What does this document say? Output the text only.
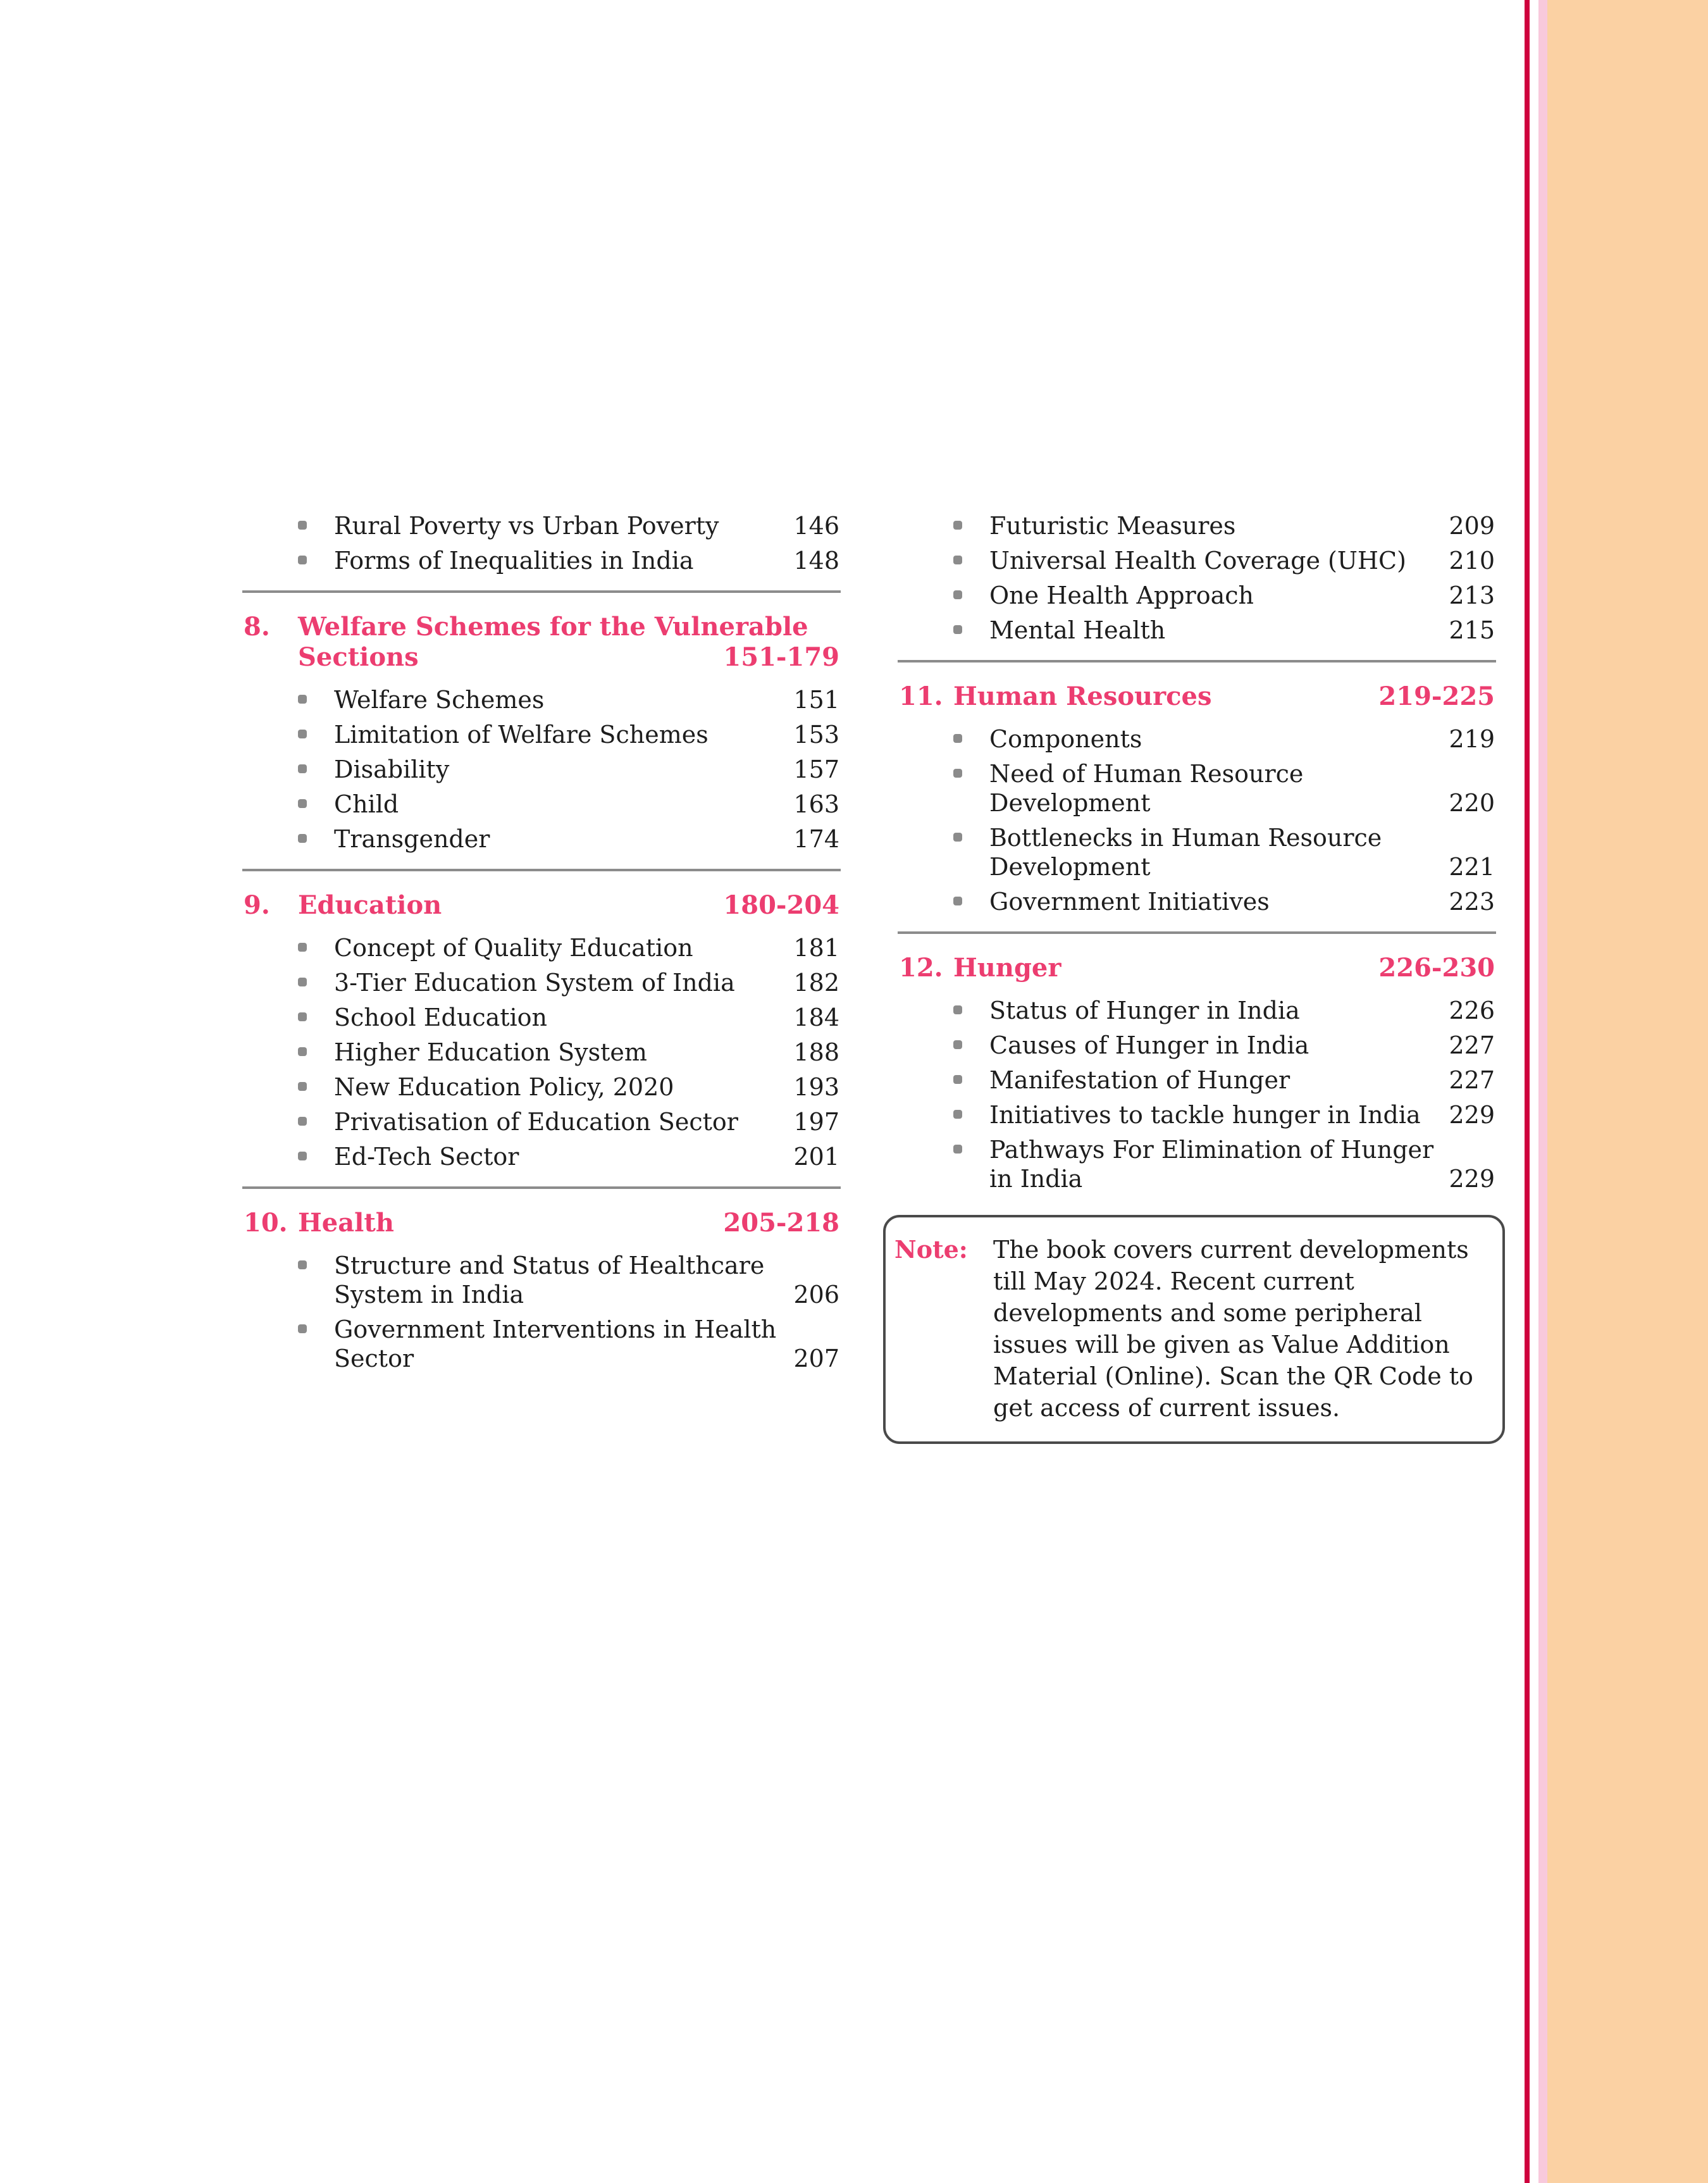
Rural Poverty vs Urban Poverty	146
Forms of Inequalities in India	148
8. Welfare Schemes for the Vulnerable Sections	151-179
Welfare Schemes	151
Limitation of Welfare Schemes	153
Disability	157
Child	163
Transgender	174
9. Education	180-204
Concept of Quality Education	181
3-Tier Education System of India	182
School Education	184
Higher Education System	188
New Education Policy, 2020	193
Privatisation of Education Sector	197
Ed-Tech Sector	201
10. Health	205-218
Structure and Status of Healthcare System in India	206
Government Interventions in Health Sector	207
Futuristic Measures	209
Universal Health Coverage (UHC)	210
One Health Approach	213
Mental Health	215
11. Human Resources	219-225
Components	219
Need of Human Resource Development	220
Bottlenecks in Human Resource Development	221
Government Initiatives	223
12. Hunger	226-230
Status of Hunger in India	226
Causes of Hunger in India	227
Manifestation of Hunger	227
Initiatives to tackle hunger in India	229
Pathways For Elimination of Hunger in India	229
Note:	The book covers current developments till May 2024. Recent current developments and some peripheral issues will be given as Value Addition Material (Online). Scan the QR Code to get access of current issues.
